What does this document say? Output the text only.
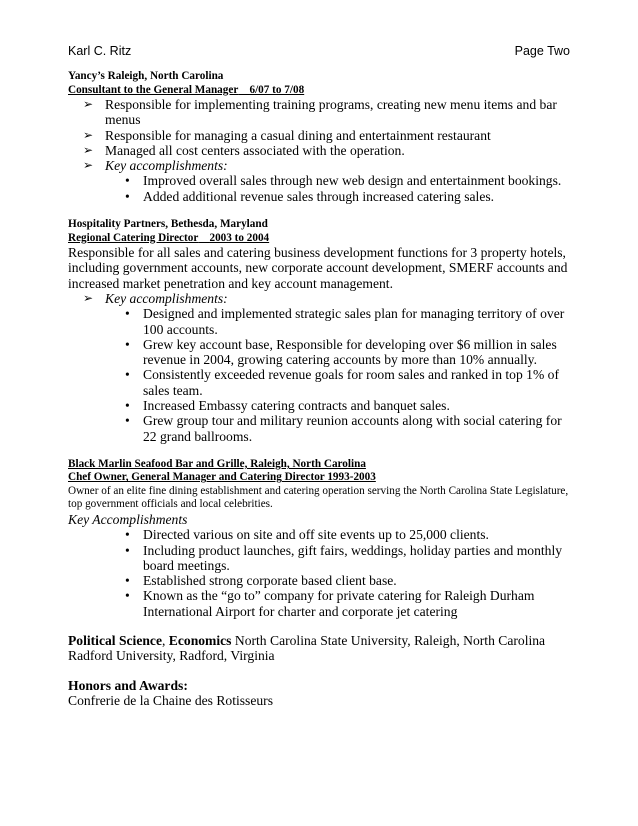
Karl C. Ritz	Page Two
Yancy’s Raleigh, North Carolina
Consultant to the General Manager 6/07 to 7/08
➢ Responsible for implementing training programs, creating new menu items and bar menus
➢ Responsible for managing a casual dining and entertainment restaurant
➢ Managed all cost centers associated with the operation.
➢ Key accomplishments:
• Improved overall sales through new web design and entertainment bookings.
• Added additional revenue sales through increased catering sales.
Hospitality Partners, Bethesda, Maryland
Regional Catering Director 2003 to 2004
Responsible for all sales and catering business development functions for 3 property hotels, including government accounts, new corporate account development, SMERF accounts and increased market penetration and key account management.
➢ Key accomplishments:
• Designed and implemented strategic sales plan for managing territory of over 100 accounts.
• Grew key account base, Responsible for developing over $6 million in sales revenue in 2004, growing catering accounts by more than 10% annually.
• Consistently exceeded revenue goals for room sales and ranked in top 1% of sales team.
• Increased Embassy catering contracts and banquet sales.
• Grew group tour and military reunion accounts along with social catering for 22 grand ballrooms.
Black Marlin Seafood Bar and Grille, Raleigh, North Carolina
Chef Owner, General Manager and Catering Director 1993-2003
Owner of an elite fine dining establishment and catering operation serving the North Carolina State Legislature, top government officials and local celebrities.
Key Accomplishments
• Directed various on site and off site events up to 25,000 clients.
• Including product launches, gift fairs, weddings, holiday parties and monthly board meetings.
• Established strong corporate based client base.
• Known as the “go to” company for private catering for Raleigh Durham International Airport for charter and corporate jet catering
Political Science, Economics North Carolina State University, Raleigh, North Carolina
Radford University, Radford, Virginia
Honors and Awards:
Confrerie de la Chaine des Rotisseurs
